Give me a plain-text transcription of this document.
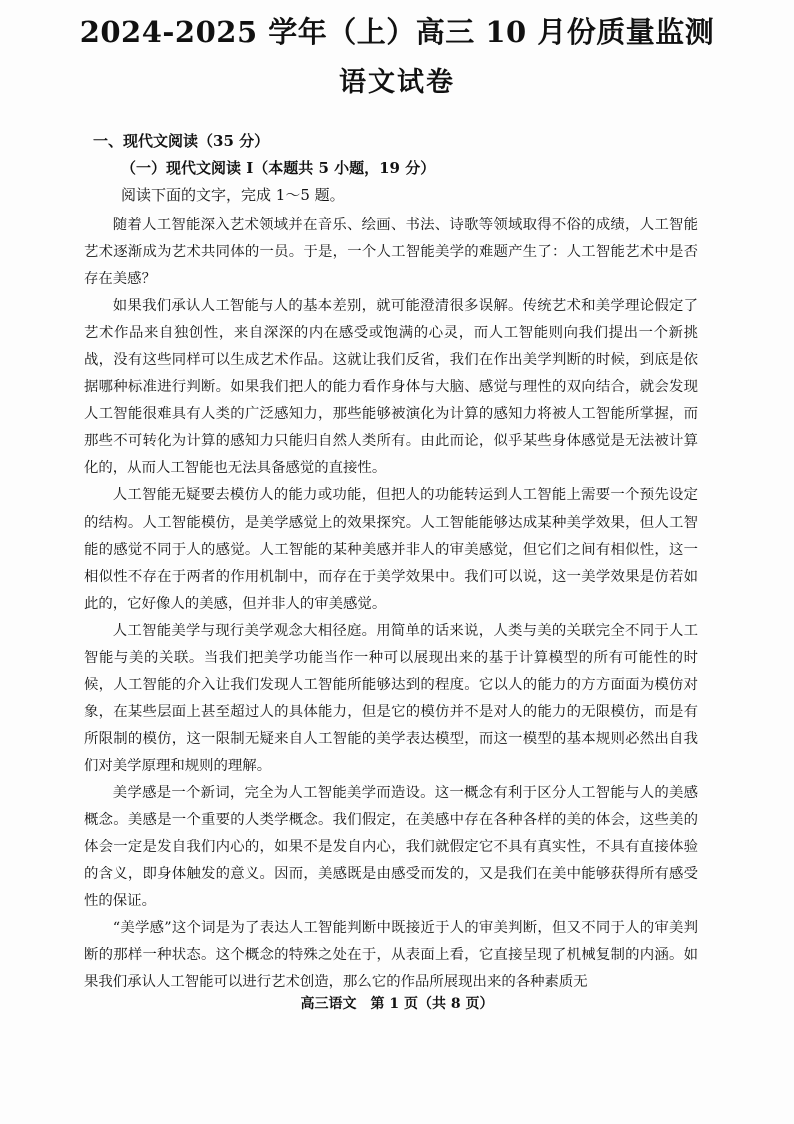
2024-2025 学年（上）高三 10 月份质量监测
语文试卷
一、现代文阅读（35 分）
（一）现代文阅读 I（本题共 5 小题，19 分）
阅读下面的文字，完成 1～5 题。

随着人工智能深入艺术领域并在音乐、绘画、书法、诗歌等领域取得不俗的成绩，人工智能艺术逐渐成为艺术共同体的一员。于是，一个人工智能美学的难题产生了：人工智能艺术中是否存在美感？

如果我们承认人工智能与人的基本差别，就可能澄清很多误解。传统艺术和美学理论假定了艺术作品来自独创性，来自深深的内在感受或饱满的心灵，而人工智能则向我们提出一个新挑战，没有这些同样可以生成艺术作品。这就让我们反省，我们在作出美学判断的时候，到底是依据哪种标准进行判断。如果我们把人的能力看作身体与大脑、感觉与理性的双向结合，就会发现人工智能很难具有人类的广泛感知力，那些能够被演化为计算的感知力将被人工智能所掌握，而那些不可转化为计算的感知力只能归自然人类所有。由此而论，似乎某些身体感觉是无法被计算化的，从而人工智能也无法具备感觉的直接性。

人工智能无疑要去模仿人的能力或功能，但把人的功能转运到人工智能上需要一个预先设定的结构。人工智能模仿，是美学感觉上的效果探究。人工智能能够达成某种美学效果，但人工智能的感觉不同于人的感觉。人工智能的某种美感并非人的审美感觉，但它们之间有相似性，这一相似性不存在于两者的作用机制中，而存在于美学效果中。我们可以说，这一美学效果是仿若如此的，它好像人的美感，但并非人的审美感觉。

人工智能美学与现行美学观念大相径庭。用简单的话来说，人类与美的关联完全不同于人工智能与美的关联。当我们把美学功能当作一种可以展现出来的基于计算模型的所有可能性的时候，人工智能的介入让我们发现人工智能所能够达到的程度。它以人的能力的方方面面为模仿对象，在某些层面上甚至超过人的具体能力，但是它的模仿并不是对人的能力的无限模仿，而是有所限制的模仿，这一限制无疑来自人工智能的美学表达模型，而这一模型的基本规则必然出自我们对美学原理和规则的理解。

美学感是一个新词，完全为人工智能美学而造设。这一概念有利于区分人工智能与人的美感概念。美感是一个重要的人类学概念。我们假定，在美感中存在各种各样的美的体会，这些美的体会一定是发自我们内心的，如果不是发自内心，我们就假定它不具有真实性，不具有直接体验的含义，即身体触发的意义。因而，美感既是由感受而发的，又是我们在美中能够获得所有感受性的保证。

“美学感”这个词是为了表达人工智能判断中既接近于人的审美判断，但又不同于人的审美判断的那样一种状态。这个概念的特殊之处在于，从表面上看，它直接呈现了机械复制的内涵。如果我们承认人工智能可以进行艺术创造，那么它的作品所展现出来的各种素质无

高三语文　第 1 页（共 8 页）
